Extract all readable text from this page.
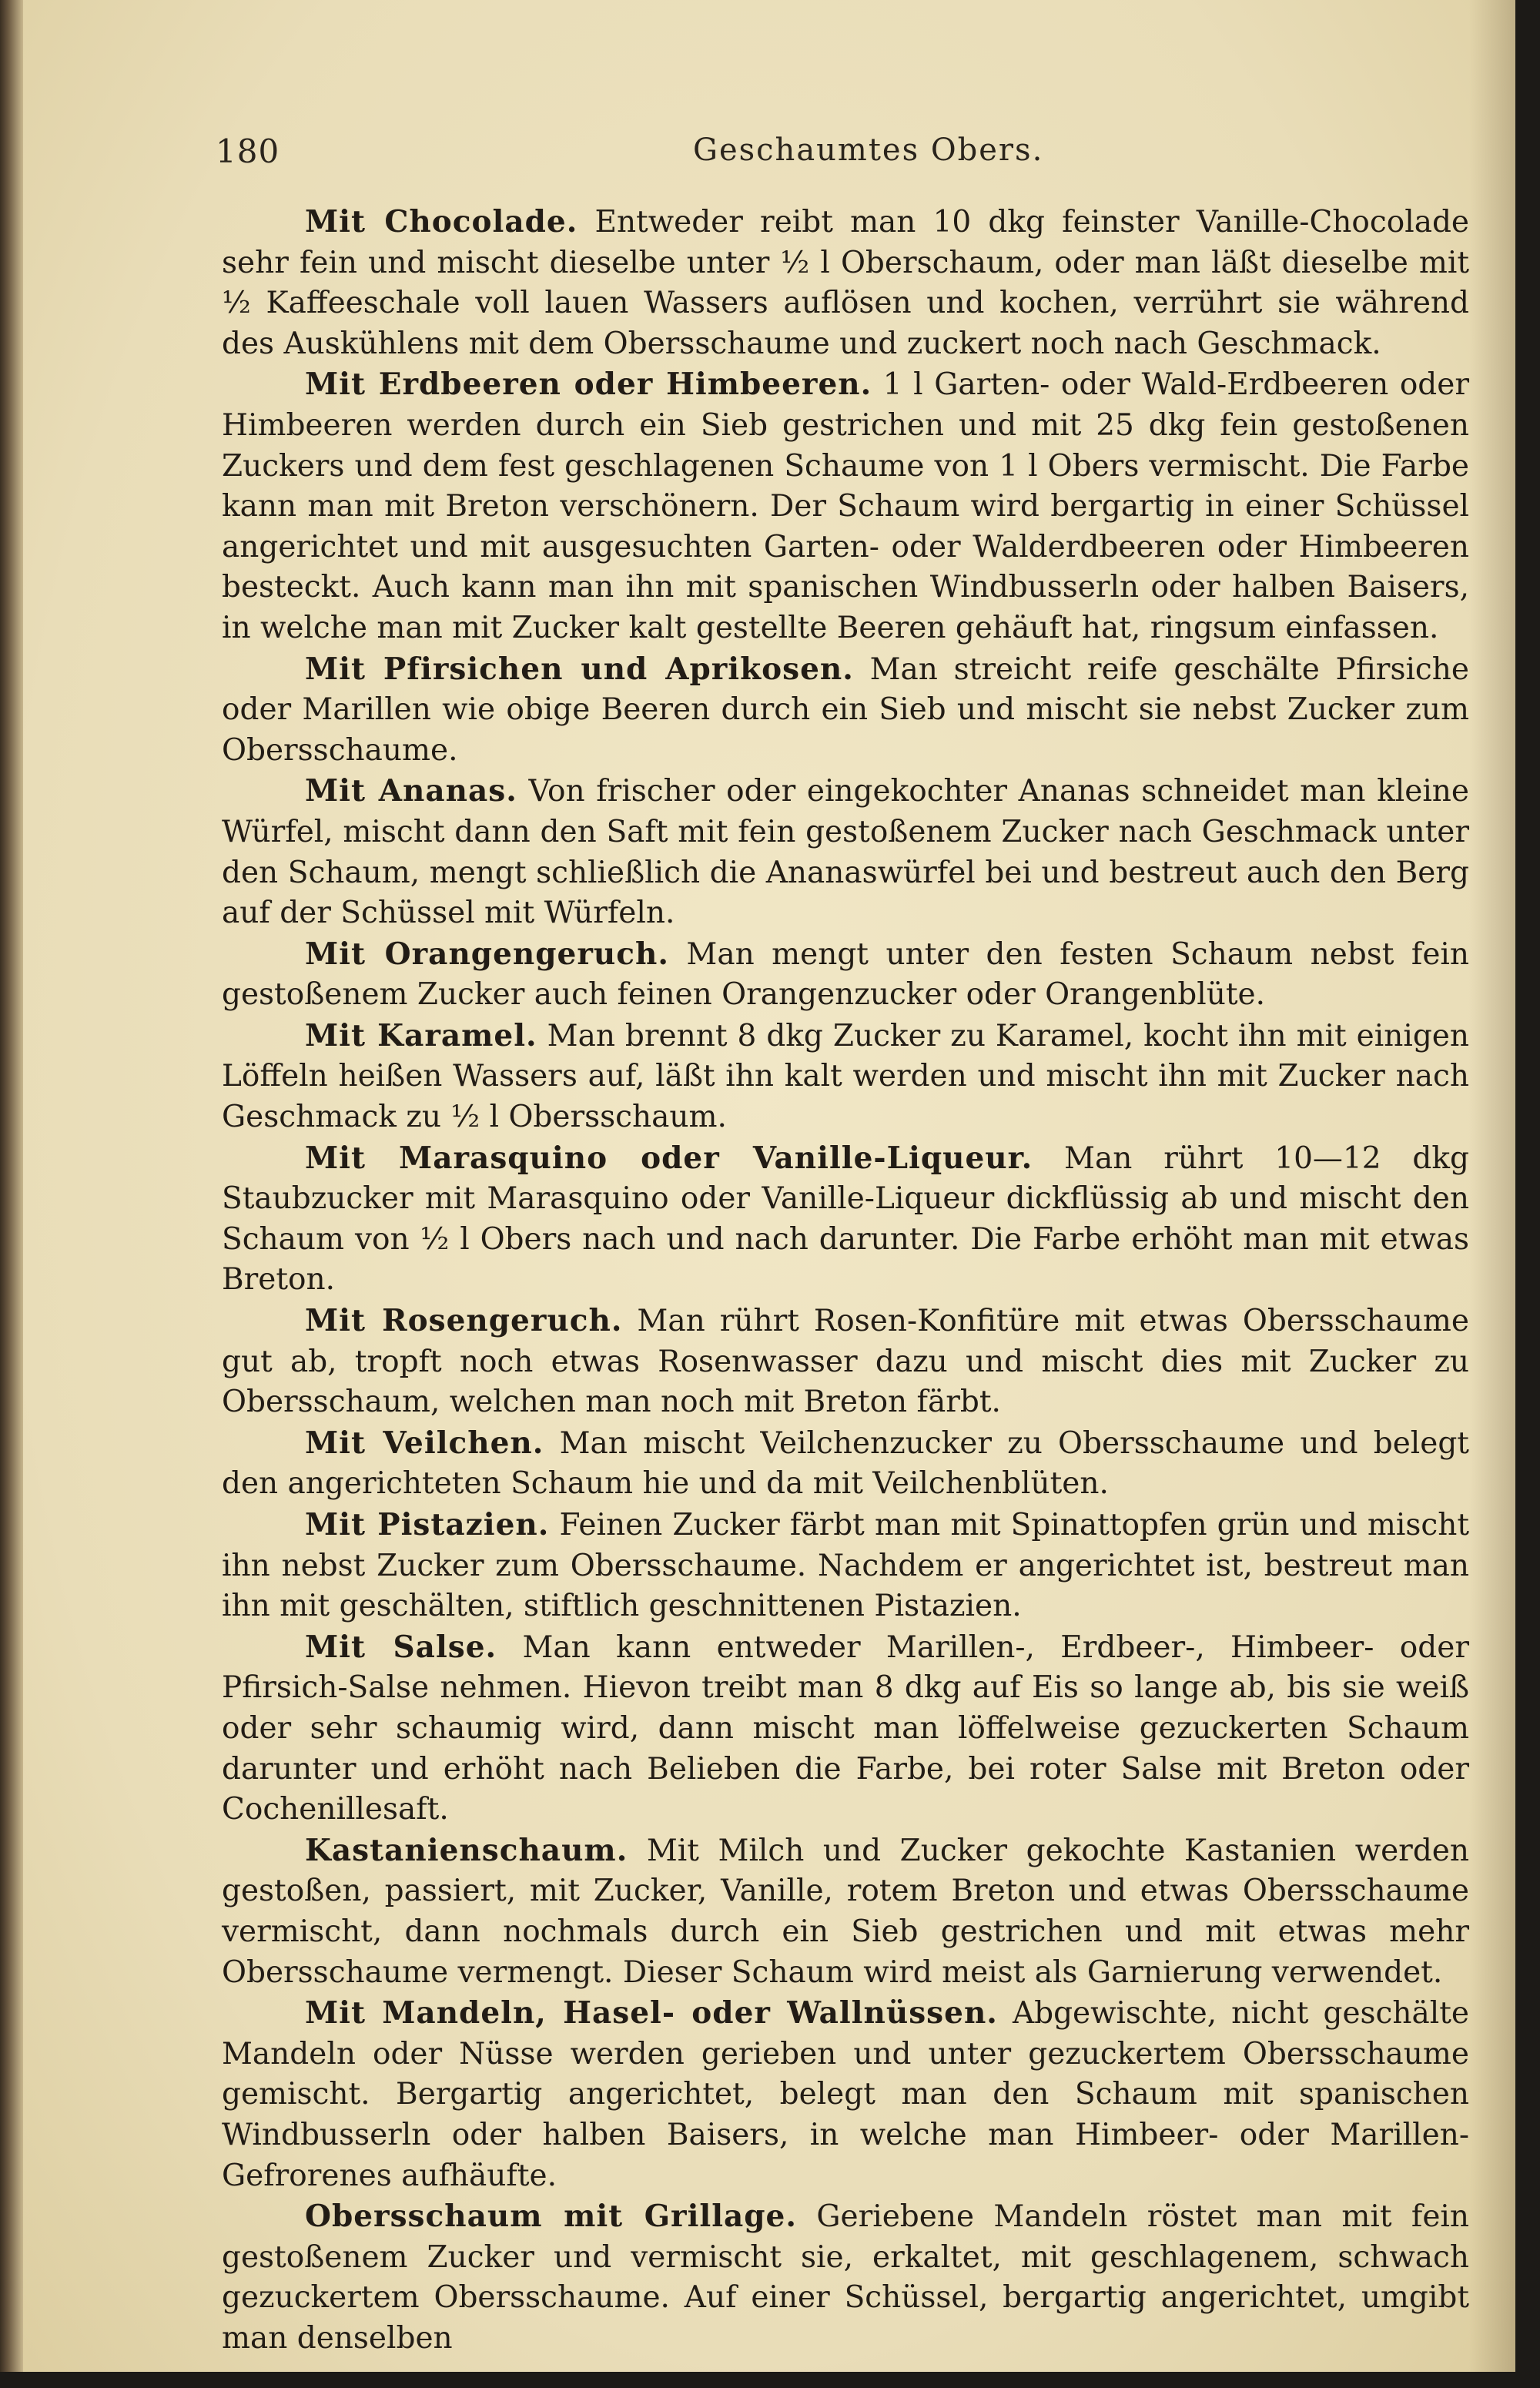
180	Geschaumtes Obers.

Mit Chocolade. Entweder reibt man 10 dkg feinster Vanille-Chocolade sehr fein und mischt dieselbe unter ½ l Oberschaum, oder man läßt dieselbe mit ½ Kaffeeschale voll lauen Wassers auflösen und kochen, verrührt sie während des Auskühlens mit dem Obersschaume und zuckert noch nach Geschmack.

Mit Erdbeeren oder Himbeeren. 1 l Garten- oder Wald-Erdbeeren oder Himbeeren werden durch ein Sieb gestrichen und mit 25 dkg fein gestoßenen Zuckers und dem fest geschlagenen Schaume von 1 l Obers vermischt. Die Farbe kann man mit Breton verschönern. Der Schaum wird bergartig in einer Schüssel angerichtet und mit ausgesuchten Garten- oder Walderdbeeren oder Himbeeren besteckt. Auch kann man ihn mit spanischen Windbusserln oder halben Baisers, in welche man mit Zucker kalt gestellte Beeren gehäuft hat, ringsum einfassen.

Mit Pfirsichen und Aprikosen. Man streicht reife geschälte Pfirsiche oder Marillen wie obige Beeren durch ein Sieb und mischt sie nebst Zucker zum Obersschaume.

Mit Ananas. Von frischer oder eingekochter Ananas schneidet man kleine Würfel, mischt dann den Saft mit fein gestoßenem Zucker nach Geschmack unter den Schaum, mengt schließlich die Ananaswürfel bei und bestreut auch den Berg auf der Schüssel mit Würfeln.

Mit Orangengeruch. Man mengt unter den festen Schaum nebst fein gestoßenem Zucker auch feinen Orangenzucker oder Orangenblüte.

Mit Karamel. Man brennt 8 dkg Zucker zu Karamel, kocht ihn mit einigen Löffeln heißen Wassers auf, läßt ihn kalt werden und mischt ihn mit Zucker nach Geschmack zu ½ l Obersschaum.

Mit Marasquino oder Vanille-Liqueur. Man rührt 10—12 dkg Staubzucker mit Marasquino oder Vanille-Liqueur dickflüssig ab und mischt den Schaum von ½ l Obers nach und nach darunter. Die Farbe erhöht man mit etwas Breton.

Mit Rosengeruch. Man rührt Rosen-Konfitüre mit etwas Obersschaume gut ab, tropft noch etwas Rosenwasser dazu und mischt dies mit Zucker zu Obersschaum, welchen man noch mit Breton färbt.

Mit Veilchen. Man mischt Veilchenzucker zu Obersschaume und belegt den angerichteten Schaum hie und da mit Veilchenblüten.

Mit Pistazien. Feinen Zucker färbt man mit Spinattopfen grün und mischt ihn nebst Zucker zum Obersschaume. Nachdem er angerichtet ist, bestreut man ihn mit geschälten, stiftlich geschnittenen Pistazien.

Mit Salse. Man kann entweder Marillen-, Erdbeer-, Himbeer- oder Pfirsich-Salse nehmen. Hievon treibt man 8 dkg auf Eis so lange ab, bis sie weiß oder sehr schaumig wird, dann mischt man löffelweise gezuckerten Schaum darunter und erhöht nach Belieben die Farbe, bei roter Salse mit Breton oder Cochenillesaft.

Kastanienschaum. Mit Milch und Zucker gekochte Kastanien werden gestoßen, passiert, mit Zucker, Vanille, rotem Breton und etwas Obersschaume vermischt, dann nochmals durch ein Sieb gestrichen und mit etwas mehr Obersschaume vermengt. Dieser Schaum wird meist als Garnierung verwendet.

Mit Mandeln, Hasel- oder Wallnüssen. Abgewischte, nicht geschälte Mandeln oder Nüsse werden gerieben und unter gezuckertem Obersschaume gemischt. Bergartig angerichtet, belegt man den Schaum mit spanischen Windbusserln oder halben Baisers, in welche man Himbeer- oder Marillen-Gefrorenes aufhäufte.

Obersschaum mit Grillage. Geriebene Mandeln röstet man mit fein gestoßenem Zucker und vermischt sie, erkaltet, mit geschlagenem, schwach gezuckertem Obersschaume. Auf einer Schüssel, bergartig angerichtet, umgibt man denselben
